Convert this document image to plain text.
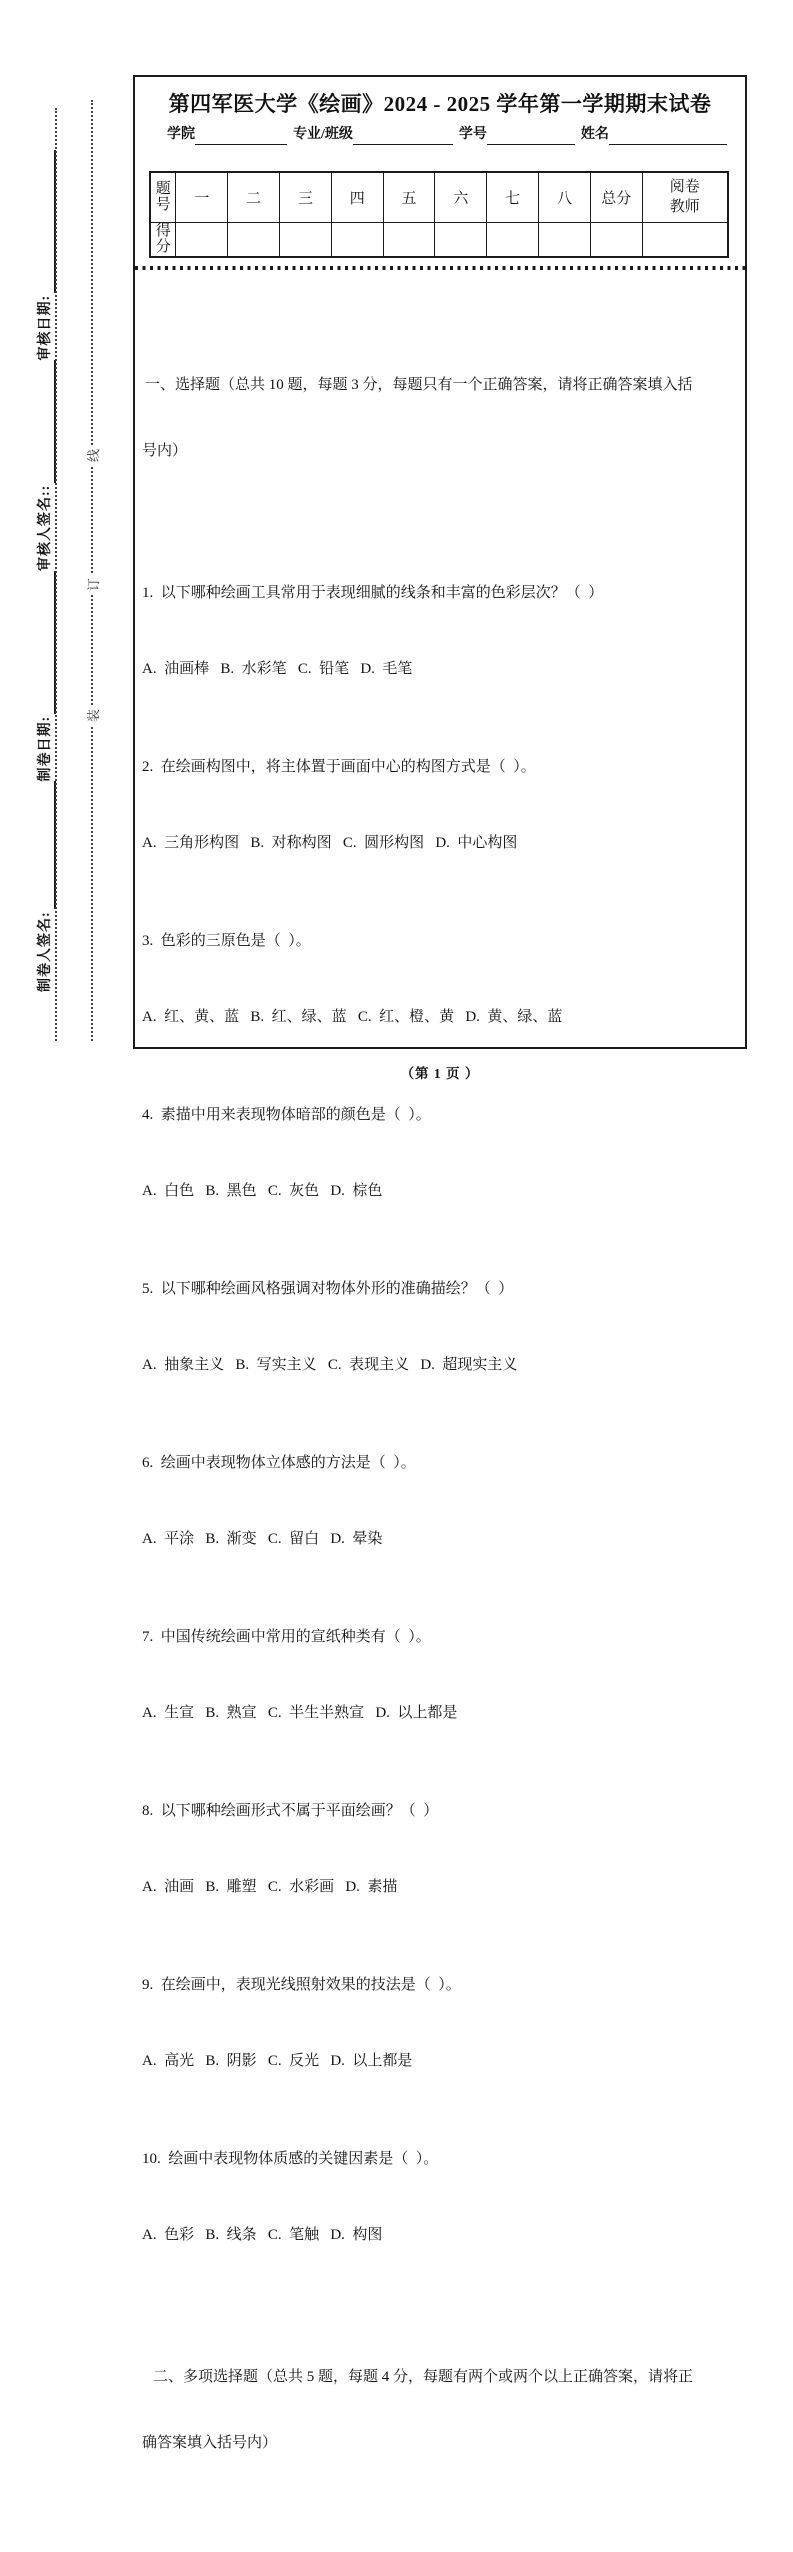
制卷人签名:
制卷日期:
审核人签名::
审核日期:
线
订
装
第四军医大学《绘画》2024 - 2025 学年第一学期期末试卷
学院	专业/班级	学号	姓名
题号	一	二	三	四	五	六	七	八	总分	阅卷教师
得分										

一、选择题（总共 10 题，每题 3 分，每题只有一个正确答案，请将正确答案填入括

号内）

1.  以下哪种绘画工具常用于表现细腻的线条和丰富的色彩层次？（  ）

A.  油画棒   B.  水彩笔   C.  铅笔   D.  毛笔

2.  在绘画构图中，将主体置于画面中心的构图方式是（  ）。

A.  三角形构图   B.  对称构图   C.  圆形构图   D.  中心构图

3.  色彩的三原色是（  ）。

A.  红、黄、蓝   B.  红、绿、蓝   C.  红、橙、黄   D.  黄、绿、蓝

4.  素描中用来表现物体暗部的颜色是（  ）。

A.  白色   B.  黑色   C.  灰色   D.  棕色

5.  以下哪种绘画风格强调对物体外形的准确描绘？（  ）

A.  抽象主义   B.  写实主义   C.  表现主义   D.  超现实主义

6.  绘画中表现物体立体感的方法是（  ）。

A.  平涂   B.  渐变   C.  留白   D.  晕染

7.  中国传统绘画中常用的宣纸种类有（  ）。

A.  生宣   B.  熟宣   C.  半生半熟宣   D.  以上都是

8.  以下哪种绘画形式不属于平面绘画？（  ）

A.  油画   B.  雕塑   C.  水彩画   D.  素描

9.  在绘画中，表现光线照射效果的技法是（  ）。

A.  高光   B.  阴影   C.  反光   D.  以上都是

10.  绘画中表现物体质感的关键因素是（  ）。

A.  色彩   B.  线条   C.  笔触   D.  构图

二、多项选择题（总共 5 题，每题 4 分，每题有两个或两个以上正确答案，请将正

确答案填入括号内）

（第 1 页 ）
